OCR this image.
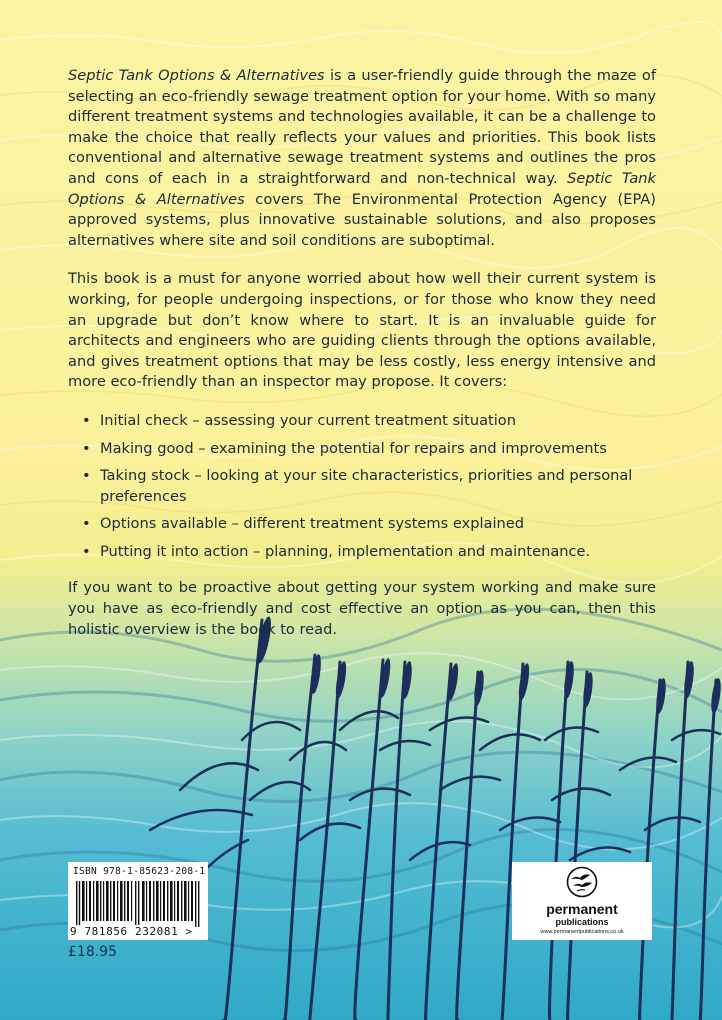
Septic Tank Options & Alternatives is a user-friendly guide through the maze of selecting an eco-friendly sewage treatment option for your home. With so many different treatment systems and technologies available, it can be a challenge to make the choice that really reflects your values and priorities. This book lists conventional and alternative sewage treatment systems and outlines the pros and cons of each in a straightforward and non-technical way. Septic Tank Options & Alternatives covers The Environmental Protection Agency (EPA) approved systems, plus innovative sustainable solutions, and also proposes alternatives where site and soil conditions are suboptimal.

This book is a must for anyone worried about how well their current system is working, for people undergoing inspections, or for those who know they need an upgrade but don’t know where to start. It is an invaluable guide for architects and engineers who are guiding clients through the options available, and gives treatment options that may be less costly, less energy intensive and more eco-friendly than an inspector may propose. It covers:

• Initial check – assessing your current treatment situation
• Making good – examining the potential for repairs and improvements
• Taking stock – looking at your site characteristics, priorities and personal preferences
• Options available – different treatment systems explained
• Putting it into action – planning, implementation and maintenance.

If you want to be proactive about getting your system working and make sure you have as eco-friendly and cost effective an option as you can, then this holistic overview is the book to read.

ISBN 978-1-85623-208-1
9 781856 232081 >
£18.95
permanent
publications
www.permanentpublications.co.uk
